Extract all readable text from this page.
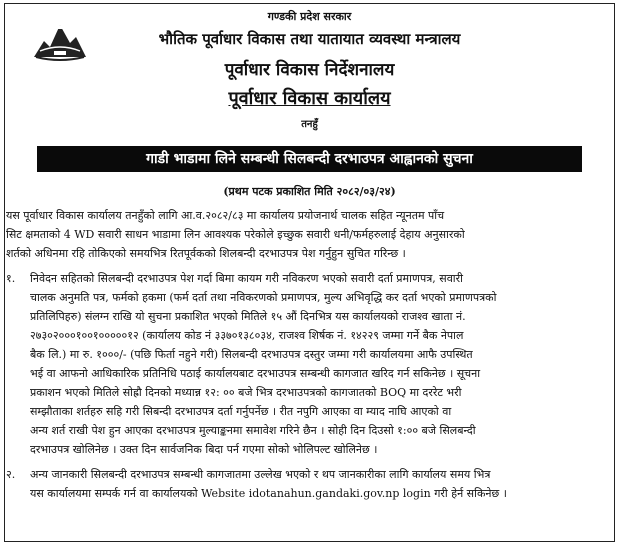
गण्डकी प्रदेश सरकार
भौतिक पूर्वाधार विकास तथा यातायात व्यवस्था मन्त्रालय
पूर्वाधार विकास निर्देशनालय
पूर्वाधार विकास कार्यालय
तनहुँ
गाडी भाडामा लिने सम्बन्धी सिलबन्दी दरभाउपत्र आह्वानको सुचना
(प्रथम पटक प्रकाशित मिति २०८२/०३/२४)
यस पूर्वाधार विकास कार्यालय तनहुँको लागि आ.व.२०८२/८३ मा कार्यालय प्रयोजनार्थ चालक सहित न्यूनतम पाँच
सिट क्षमताको 4 WD सवारी साधन भाडामा लिन आवश्यक परेकोले इच्छुक सवारी धनी/फर्महरुलाई देहाय अनुसारको
शर्तको अधिनमा रहि तोकिएको समयभित्र रितपूर्वकको शिलबन्दी दरभाउपत्र पेश गर्नुहुन सुचित गरिन्छ ।
१. निवेदन सहितको सिलबन्दी दरभाउपत्र पेश गर्दा बिमा कायम गरी नविकरण भएको सवारी दर्ता प्रमाणपत्र, सवारी
चालक अनुमति पत्र, फर्मको हकमा (फर्म दर्ता तथा नविकरणको प्रमाणपत्र, मुल्य अभिवृद्धि कर दर्ता भएको प्रमाणपत्रको
प्रतिलिपिहरु) संलग्न राखि यो सुचना प्रकाशित भएको मितिले १५ औं दिनभित्र यस कार्यालयको राजश्व खाता नं.
२७३०२०००१००१०००००१२ (कार्यालय कोड नं ३३७०१३८०३४, राजश्व शिर्षक नं. १४२२९ जम्मा गर्ने बैक नेपाल
बैक लि.) मा रु. १०००/- (पछि फिर्ता नहुने गरी) सिलबन्दी दरभाउपत्र दस्तुर जम्मा गरी कार्यालयमा आफै उपस्थित
भई वा आफनो आधिकारिक प्रतिनिधि पठाई कार्यालयबाट दरभाउपत्र सम्बन्धी कागजात खरिद गर्न सकिनेछ । सूचना
प्रकाशन भएको मितिले सोह्रौ दिनको मध्यान्न १२: ०० बजे भित्र दरभाउपत्रको कागजातको BOQ मा दररेट भरी
सम्झौताका शर्तहरु सहि गरी सिबन्दी दरभाउपत्र दर्ता गर्नुपर्नेछ । रीत नपुगि आएका वा म्याद नाघि आएको वा
अन्य शर्त राखी पेश हुन आएका दरभाउपत्र मुल्याङ्कनमा समावेश गरिने छैन । सोही दिन दिउसो १:०० बजे सिलबन्दी
दरभाउपत्र खोलिनेछ । उक्त दिन सार्वजनिक बिदा पर्न गएमा सोको भोलिपल्ट खोलिनेछ ।
२. अन्य जानकारी सिलबन्दी दरभाउपत्र सम्बन्धी कागजातमा उल्लेख भएको र थप जानकारीका लागि कार्यालय समय भित्र
यस कार्यालयमा सम्पर्क गर्न वा कार्यालयको Website idotanahun.gandaki.gov.np login गरी हेर्न सकिनेछ ।
